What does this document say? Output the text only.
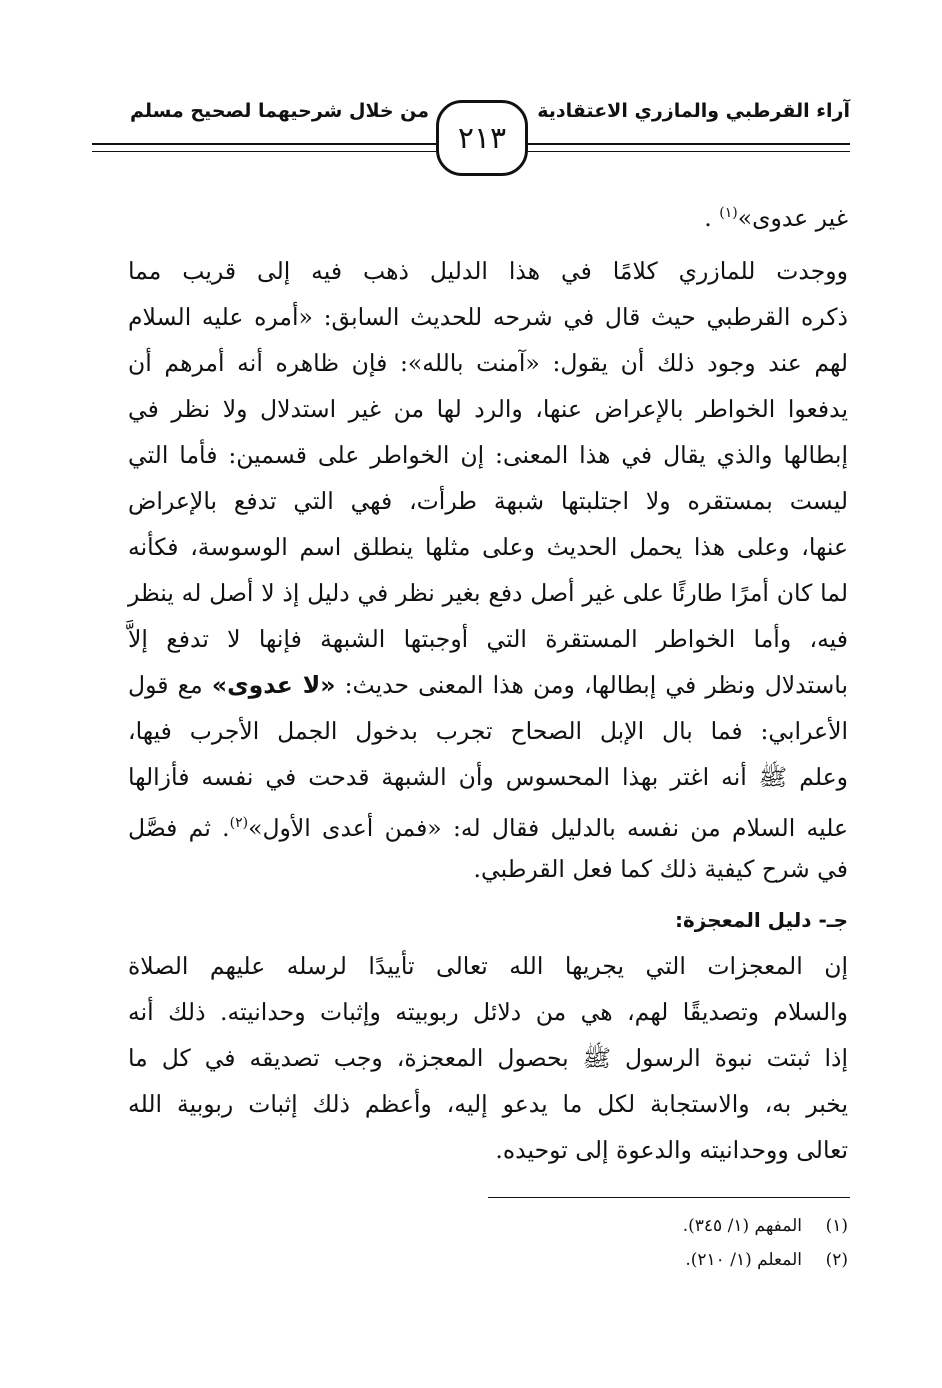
آراء القرطبي والمازري الاعتقادية
من خلال شرحيهما لصحيح مسلم
٢١٣
غير عدوى»$^{(١)}$ .
ووجدت للمازري كلامًا في هذا الدليل ذهب فيه إلى قريب مما
ذكره القرطبي حيث قال في شرحه للحديث السابق: «أمره عليه السلام
لهم عند وجود ذلك أن يقول: «آمنت بالله»: فإن ظاهره أنه أمرهم أن
يدفعوا الخواطر بالإعراض عنها، والرد لها من غير استدلال ولا نظر في
إبطالها والذي يقال في هذا المعنى: إن الخواطر على قسمين: فأما التي
ليست بمستقره ولا اجتلبتها شبهة طرأت، فهي التي تدفع بالإعراض
عنها، وعلى هذا يحمل الحديث وعلى مثلها ينطلق اسم الوسوسة، فكأنه
لما كان أمرًا طارئًا على غير أصل دفع بغير نظر في دليل إذ لا أصل له ينظر
فيه، وأما الخواطر المستقرة التي أوجبتها الشبهة فإنها لا تدفع إلاَّ
باستدلال ونظر في إبطالها، ومن هذا المعنى حديث: «لا عدوى» مع قول
الأعرابي: فما بال الإبل الصحاح تجرب بدخول الجمل الأجرب فيها،
وعلم ﷺ أنه اغتر بهذا المحسوس وأن الشبهة قدحت في نفسه فأزالها
عليه السلام من نفسه بالدليل فقال له: «فمن أعدى الأول»$^{(٢)}$. ثم فصَّل
في شرح كيفية ذلك كما فعل القرطبي.
جـ- دليل المعجزة:
إن المعجزات التي يجريها الله تعالى تأييدًا لرسله عليهم الصلاة
والسلام وتصديقًا لهم، هي من دلائل ربوبيته وإثبات وحدانيته. ذلك أنه
إذا ثبتت نبوة الرسول ﷺ بحصول المعجزة، وجب تصديقه في كل ما
يخبر به، والاستجابة لكل ما يدعو إليه، وأعظم ذلك إثبات ربوبية الله
تعالى ووحدانيته والدعوة إلى توحيده.
(١)المفهم (١/ ٣٤٥).
(٢)المعلم (١/ ٢١٠).
